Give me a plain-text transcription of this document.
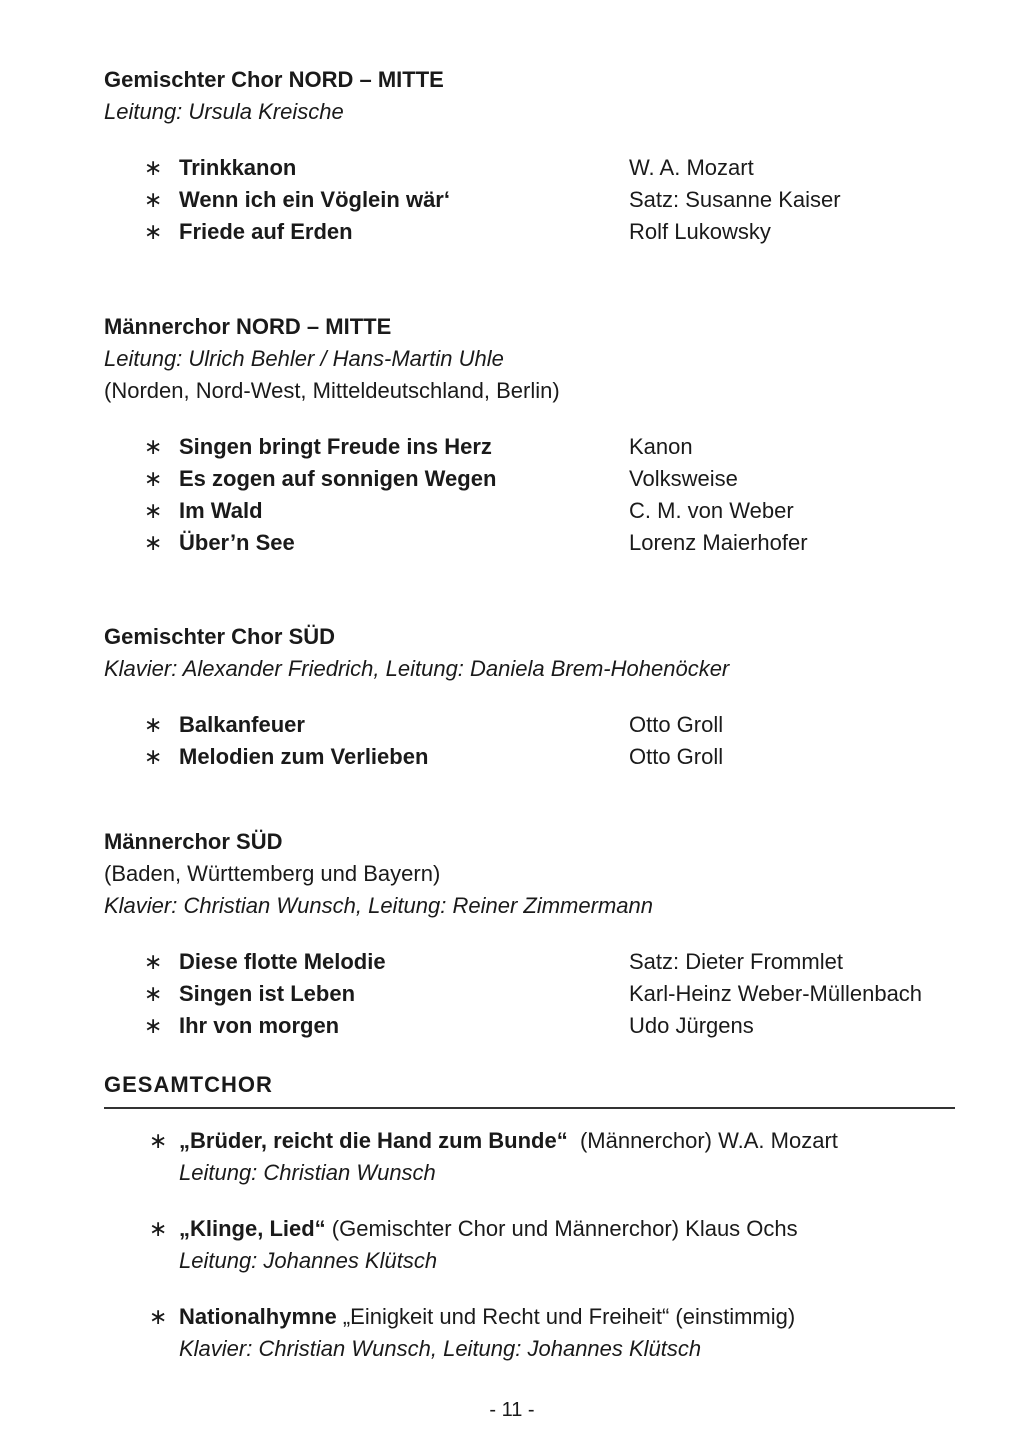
Gemischter Chor NORD – MITTE
Leitung: Ursula Kreische
∗ Trinkkanon	W. A. Mozart
∗ Wenn ich ein Vöglein wär‘	Satz: Susanne Kaiser
∗ Friede auf Erden	Rolf Lukowsky
Männerchor NORD – MITTE
Leitung: Ulrich Behler / Hans-Martin Uhle
(Norden, Nord-West, Mitteldeutschland, Berlin)
∗ Singen bringt Freude ins Herz	Kanon
∗ Es zogen auf sonnigen Wegen	Volksweise
∗ Im Wald	C. M. von Weber
∗ Über’n See	Lorenz Maierhofer
Gemischter Chor SÜD
Klavier: Alexander Friedrich, Leitung: Daniela Brem-Hohenöcker
∗ Balkanfeuer	Otto Groll
∗ Melodien zum Verlieben	Otto Groll
Männerchor SÜD
(Baden, Württemberg und Bayern)
Klavier: Christian Wunsch, Leitung: Reiner Zimmermann
∗ Diese flotte Melodie	Satz: Dieter Frommlet
∗ Singen ist Leben	Karl-Heinz Weber-Müllenbach
∗ Ihr von morgen	Udo Jürgens
GESAMTCHOR
∗ „Brüder, reicht die Hand zum Bunde“  (Männerchor) W.A. Mozart
Leitung: Christian Wunsch
∗ „Klinge, Lied“ (Gemischter Chor und Männerchor) Klaus Ochs
Leitung: Johannes Klütsch
∗ Nationalhymne „Einigkeit und Recht und Freiheit“ (einstimmig)
Klavier: Christian Wunsch, Leitung: Johannes Klütsch
- 11 -
